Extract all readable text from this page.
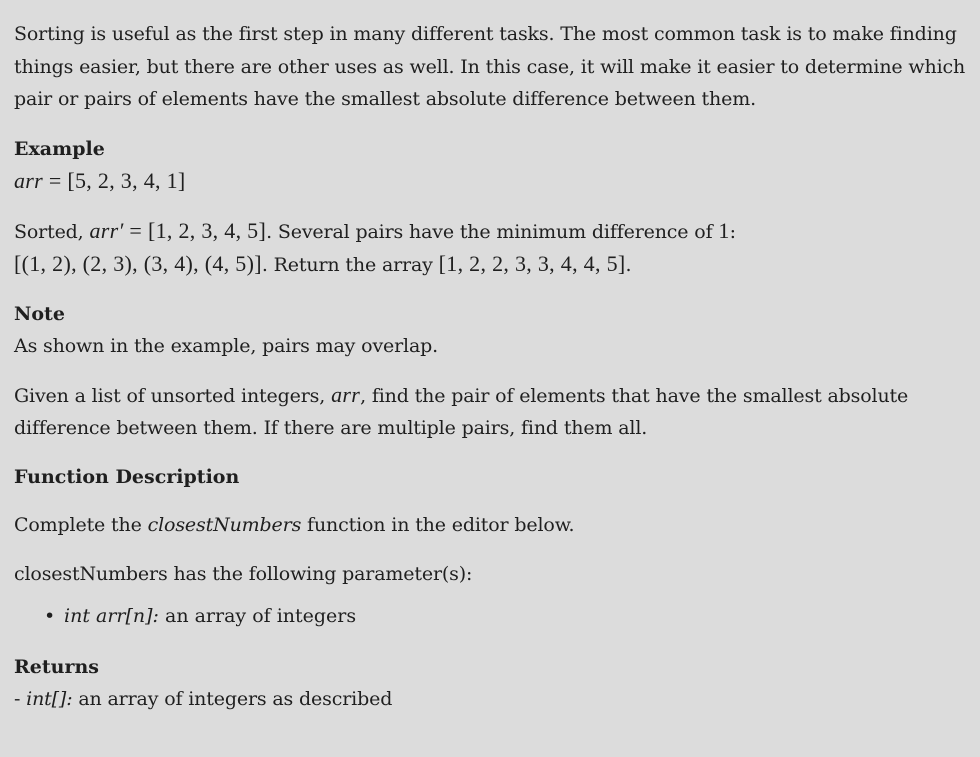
Sorting is useful as the first step in many different tasks. The most common task is to make finding things easier, but there are other uses as well. In this case, it will make it easier to determine which pair or pairs of elements have the smallest absolute difference between them.

Example
arr = [5, 2, 3, 4, 1]
Sorted, arr′ = [1, 2, 3, 4, 5]. Several pairs have the minimum difference of 1:
[(1, 2), (2, 3), (3, 4), (4, 5)]. Return the array [1, 2, 2, 3, 3, 4, 4, 5].
Note
As shown in the example, pairs may overlap.

Given a list of unsorted integers, arr, find the pair of elements that have the smallest absolute difference between them. If there are multiple pairs, find them all.

Function Description
Complete the closestNumbers function in the editor below.
closestNumbers has the following parameter(s):
• int arr[n]: an array of integers
Returns
- int[]: an array of integers as described
